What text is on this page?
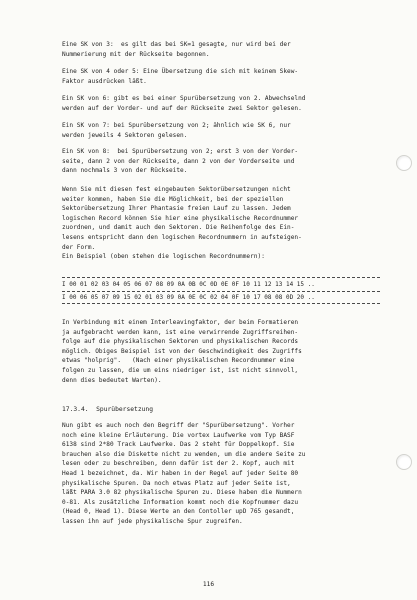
Eine SK von 3:  es gilt das bei SK=1 gesagte, nur wird bei der
Nummerierung mit der Rückseite begonnen.
Eine SK von 4 oder 5: Eine Übersetzung die sich mit keinem Skew-
Faktor ausdrücken läßt.
Ein SK von 6: gibt es bei einer Spurübersetzung von 2. Abwechselnd
werden auf der Vorder- und auf der Rückseite zwei Sektor gelesen.
Ein SK von 7: bei Spurübersetzung von 2; ähnlich wie SK 6, nur
werden jeweils 4 Sektoren gelesen.
Ein SK von 8:  bei Spurübersetzung von 2; erst 3 von der Vorder-
seite, dann 2 von der Rückseite, dann 2 von der Vorderseite und
dann nochmals 3 von der Rückseite.
Wenn Sie mit diesen fest eingebauten Sektorübersetzungen nicht
weiter kommen, haben Sie die Möglichkeit, bei der speziellen
Sektorübersetzung Ihrer Phantasie freien Lauf zu lassen. Jedem
logischen Record können Sie hier eine physikalische Recordnummer
zuordnen, und damit auch den Sektoren. Die Reihenfolge des Ein-
lesens entspricht dann den logischen Recordnummern in aufsteigen-
der Form.
Ein Beispiel (oben stehen die logischen Recordnummern):
I 00 01 02 03 04 05 06 07 08 09 0A 0B 0C 0D 0E 0F 10 11 12 13 14 15 ..
I 00 06 05 07 09 15 02 01 03 09 0A 0E 0C 02 04 0F 10 17 08 08 0D 20 ..
In Verbindung mit einem Interleavingfaktor, der beim Formatieren
ja aufgebracht werden kann, ist eine verwirrende Zugriffsreihen-
folge auf die physikalischen Sektoren und physikalischen Records
möglich. Obiges Beispiel ist von der Geschwindigkeit des Zugriffs
etwas "holprig".   (Nach einer physikalischen Recordnummer eine
folgen zu lassen, die um eins niedriger ist, ist nicht sinnvoll,
denn dies bedeutet Warten).
17.3.4. Spurübersetzung
Nun gibt es auch noch den Begriff der "Spurübersetzung". Vorher
noch eine kleine Erläuterung. Die vortex Laufwerke vom Typ BASF
6138 sind 2*80 Track Laufwerke. Das 2 steht für Doppelkopf. Sie
brauchen also die Diskette nicht zu wenden, um die andere Seite zu
lesen oder zu beschreiben, denn dafür ist der 2. Kopf, auch mit
Head 1 bezeichnet, da. Wir haben in der Regel auf jeder Seite 80
physikalische Spuren. Da noch etwas Platz auf jeder Seite ist,
läßt PARA 3.0 82 physikalische Spuren zu. Diese haben die Nummern
0-81. Als zusätzliche Information kommt noch die Kopfnummer dazu
(Head 0, Head 1). Diese Werte an den Contoller upD 765 gesandt,
lassen ihn auf jede physikalische Spur zugreifen.
116
